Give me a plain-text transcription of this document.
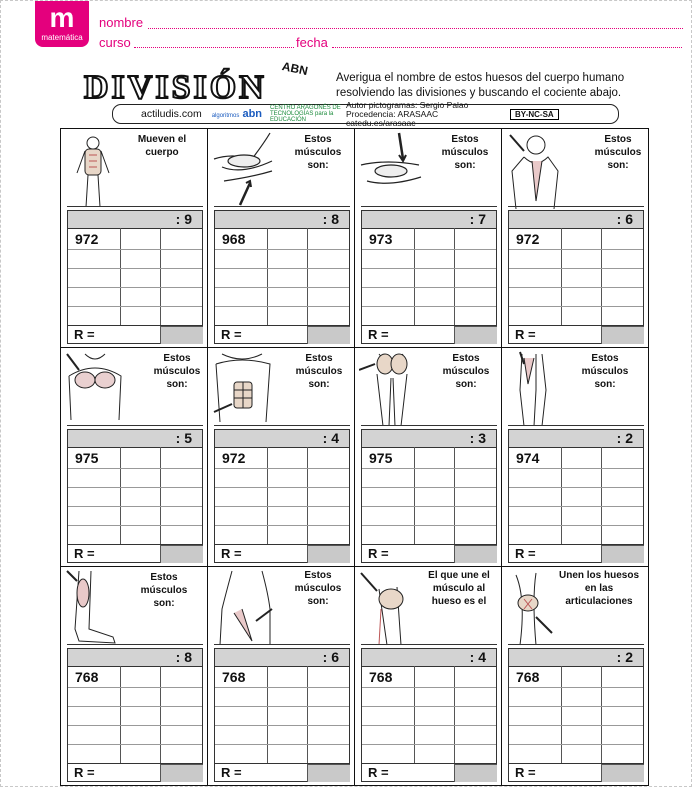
m
matemática
nombre
curso	fecha
DIVISIÓN
ABN Averigua el nombre de estos huesos del cuerpo humano resolviendo las divisiones y buscando el cociente abajo.
actiludis.com algoritmos abn CENTRO ARAGONÉS DE TECNOLOGÍAS para la EDUCACIÓN
Autor pictogramas: Sergio Palao
Procedencia: ARASAAC catedu.es/arasaac
BY-NC-SA
Mueven el cuerpo
: 9
972
R =
Estos músculos son:
: 8
968
R =
Estos músculos son:
: 7
973
R =
Estos músculos son:
: 6
972
R =
Estos músculos son:
: 5
975
R =
Estos músculos son:
: 4
972
R =
Estos músculos son:
: 3
975
R =
Estos músculos son:
: 2
974
R =
Estos músculos son:
: 8
768
R =
Estos músculos son:
: 6
768
R =
El que une el músculo al hueso es el
: 4
768
R =
Unen los huesos en las articulaciones
: 2
768
R =
